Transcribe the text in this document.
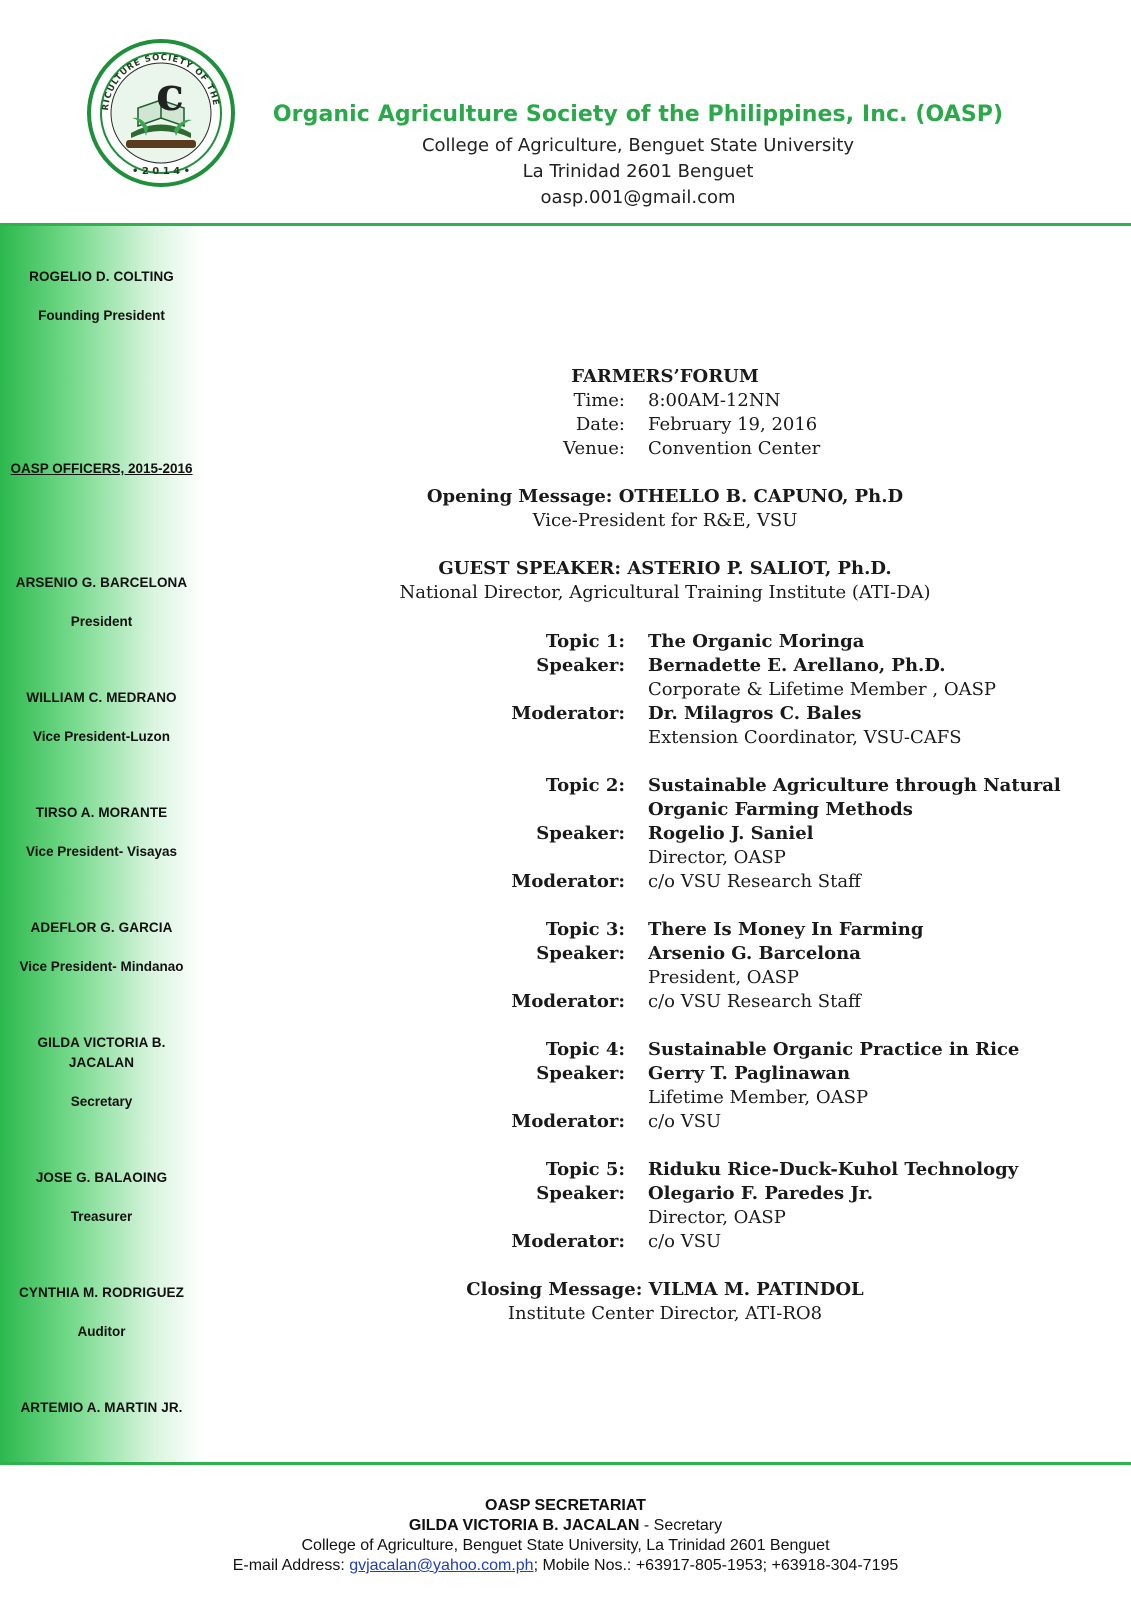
c
RICULTURE SOCIETY OF THE
• 2 0 1 4 •
Organic Agriculture Society of the Philippines, Inc. (OASP)
College of Agriculture, Benguet State University
La Trinidad 2601 Benguet
oasp.001@gmail.com
ROGELIO D. COLTING
Founding President
OASP OFFICERS, 2015-2016
ARSENIO G. BARCELONA
President
WILLIAM C. MEDRANO
Vice President-Luzon
TIRSO A. MORANTE
Vice President- Visayas
ADEFLOR G. GARCIA
Vice President- Mindanao
GILDA VICTORIA B.
JACALAN
Secretary
JOSE G. BALAOING
Treasurer
CYNTHIA M. RODRIGUEZ
Auditor
ARTEMIO A. MARTIN JR.
FARMERS’FORUM
Time: 8:00AM-12NN
Date: February 19, 2016
Venue: Convention Center
Opening Message: OTHELLO B. CAPUNO, Ph.D
Vice-President for R&E, VSU
GUEST SPEAKER: ASTERIO P. SALIOT, Ph.D.
National Director, Agricultural Training Institute (ATI-DA)
Topic 1: The Organic Moringa
Speaker: Bernadette E. Arellano, Ph.D.
Corporate & Lifetime Member , OASP
Moderator: Dr. Milagros C. Bales
Extension Coordinator, VSU-CAFS
Topic 2: Sustainable Agriculture through Natural
Organic Farming Methods
Speaker: Rogelio J. Saniel
Director, OASP
Moderator: c/o VSU Research Staff
Topic 3: There Is Money In Farming
Speaker: Arsenio G. Barcelona
President, OASP
Moderator: c/o VSU Research Staff
Topic 4: Sustainable Organic Practice in Rice
Speaker: Gerry T. Paglinawan
Lifetime Member, OASP
Moderator: c/o VSU
Topic 5: Riduku Rice-Duck-Kuhol Technology
Speaker: Olegario F. Paredes Jr.
Director, OASP
Moderator: c/o VSU
Closing Message: VILMA M. PATINDOL
Institute Center Director, ATI-RO8
OASP SECRETARIAT
GILDA VICTORIA B. JACALAN - Secretary
College of Agriculture, Benguet State University, La Trinidad 2601 Benguet
E-mail Address: gvjacalan@yahoo.com.ph; Mobile Nos.: +63917-805-1953; +63918-304-7195
